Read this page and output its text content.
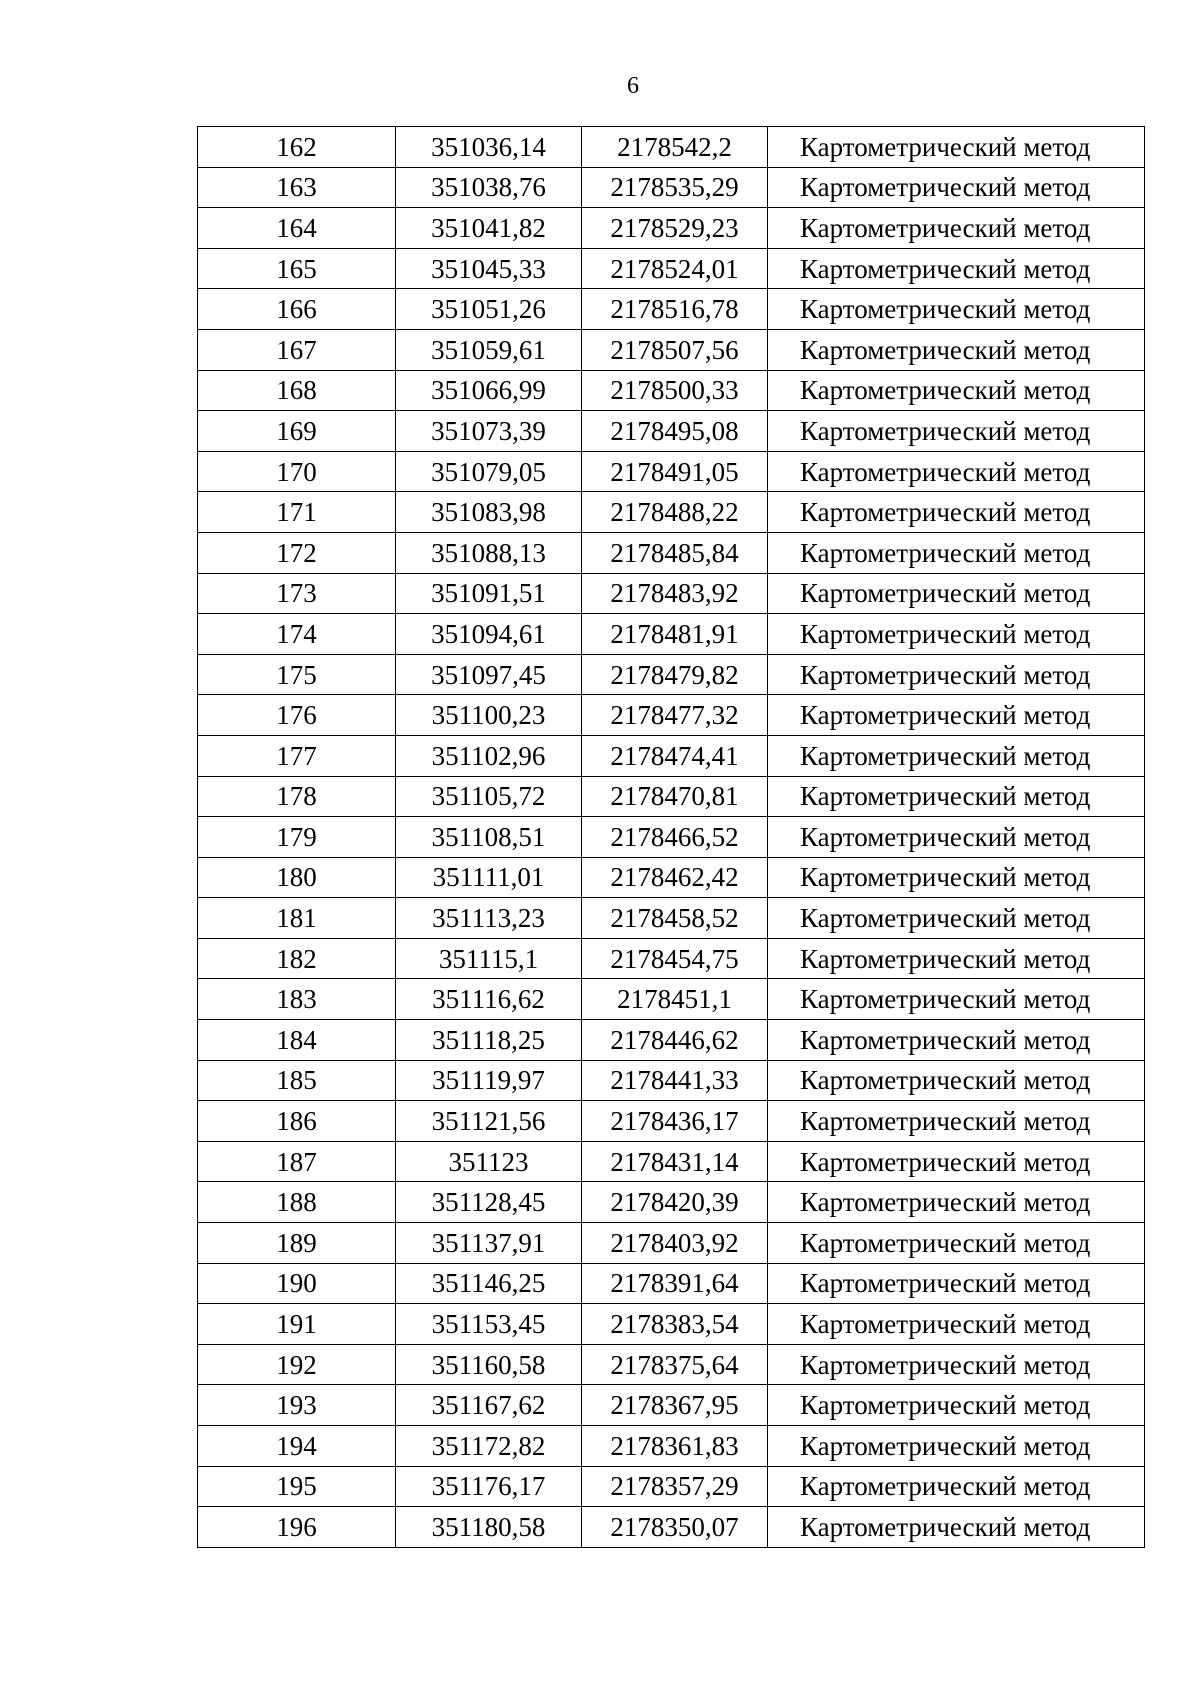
6
162	351036,14	2178542,2	Картометрический метод
163	351038,76	2178535,29	Картометрический метод
164	351041,82	2178529,23	Картометрический метод
165	351045,33	2178524,01	Картометрический метод
166	351051,26	2178516,78	Картометрический метод
167	351059,61	2178507,56	Картометрический метод
168	351066,99	2178500,33	Картометрический метод
169	351073,39	2178495,08	Картометрический метод
170	351079,05	2178491,05	Картометрический метод
171	351083,98	2178488,22	Картометрический метод
172	351088,13	2178485,84	Картометрический метод
173	351091,51	2178483,92	Картометрический метод
174	351094,61	2178481,91	Картометрический метод
175	351097,45	2178479,82	Картометрический метод
176	351100,23	2178477,32	Картометрический метод
177	351102,96	2178474,41	Картометрический метод
178	351105,72	2178470,81	Картометрический метод
179	351108,51	2178466,52	Картометрический метод
180	351111,01	2178462,42	Картометрический метод
181	351113,23	2178458,52	Картометрический метод
182	351115,1	2178454,75	Картометрический метод
183	351116,62	2178451,1	Картометрический метод
184	351118,25	2178446,62	Картометрический метод
185	351119,97	2178441,33	Картометрический метод
186	351121,56	2178436,17	Картометрический метод
187	351123	2178431,14	Картометрический метод
188	351128,45	2178420,39	Картометрический метод
189	351137,91	2178403,92	Картометрический метод
190	351146,25	2178391,64	Картометрический метод
191	351153,45	2178383,54	Картометрический метод
192	351160,58	2178375,64	Картометрический метод
193	351167,62	2178367,95	Картометрический метод
194	351172,82	2178361,83	Картометрический метод
195	351176,17	2178357,29	Картометрический метод
196	351180,58	2178350,07	Картометрический метод
